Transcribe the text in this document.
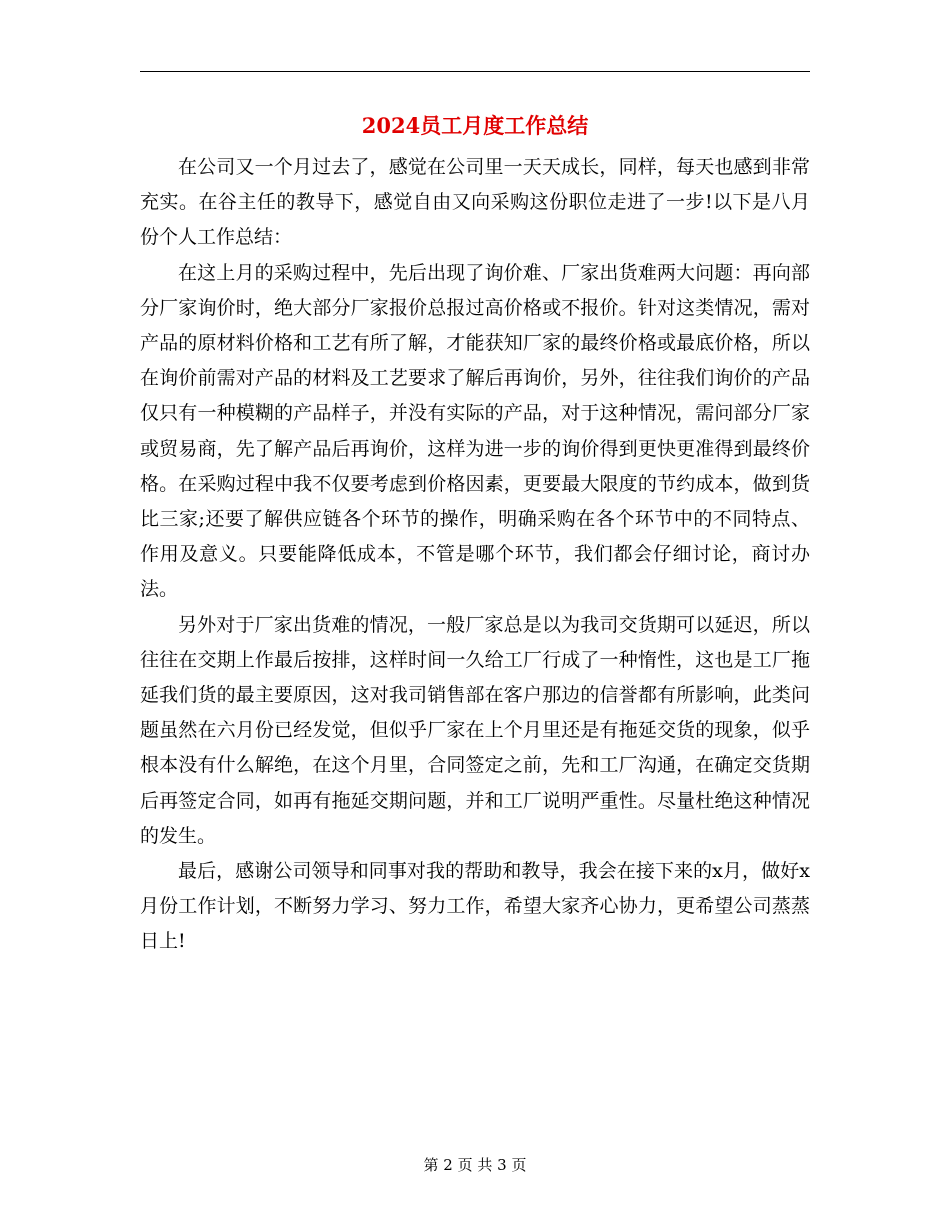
2024员工月度工作总结

在公司又一个月过去了，感觉在公司里一天天成长，同样，每天也感到非常充实。在谷主任的教导下，感觉自由又向采购这份职位走进了一步!以下是八月份个人工作总结：

在这上月的采购过程中，先后出现了询价难、厂家出货难两大问题：再向部分厂家询价时，绝大部分厂家报价总报过高价格或不报价。针对这类情况，需对产品的原材料价格和工艺有所了解，才能获知厂家的最终价格或最底价格，所以在询价前需对产品的材料及工艺要求了解后再询价，另外，往往我们询价的产品仅只有一种模糊的产品样子，并没有实际的产品，对于这种情况，需问部分厂家或贸易商，先了解产品后再询价，这样为进一步的询价得到更快更准得到最终价格。在采购过程中我不仅要考虑到价格因素，更要最大限度的节约成本，做到货比三家;还要了解供应链各个环节的操作，明确采购在各个环节中的不同特点、作用及意义。只要能降低成本，不管是哪个环节，我们都会仔细讨论，商讨办法。

另外对于厂家出货难的情况，一般厂家总是以为我司交货期可以延迟，所以往往在交期上作最后按排，这样时间一久给工厂行成了一种惰性，这也是工厂拖延我们货的最主要原因，这对我司销售部在客户那边的信誉都有所影响，此类问题虽然在六月份已经发觉，但似乎厂家在上个月里还是有拖延交货的现象，似乎根本没有什么解绝，在这个月里，合同签定之前，先和工厂沟通，在确定交货期后再签定合同，如再有拖延交期问题，并和工厂说明严重性。尽量杜绝这种情况的发生。

最后，感谢公司领导和同事对我的帮助和教导，我会在接下来的x月，做好x月份工作计划，不断努力学习、努力工作，希望大家齐心协力，更希望公司蒸蒸日上!

第 2 页 共 3 页
